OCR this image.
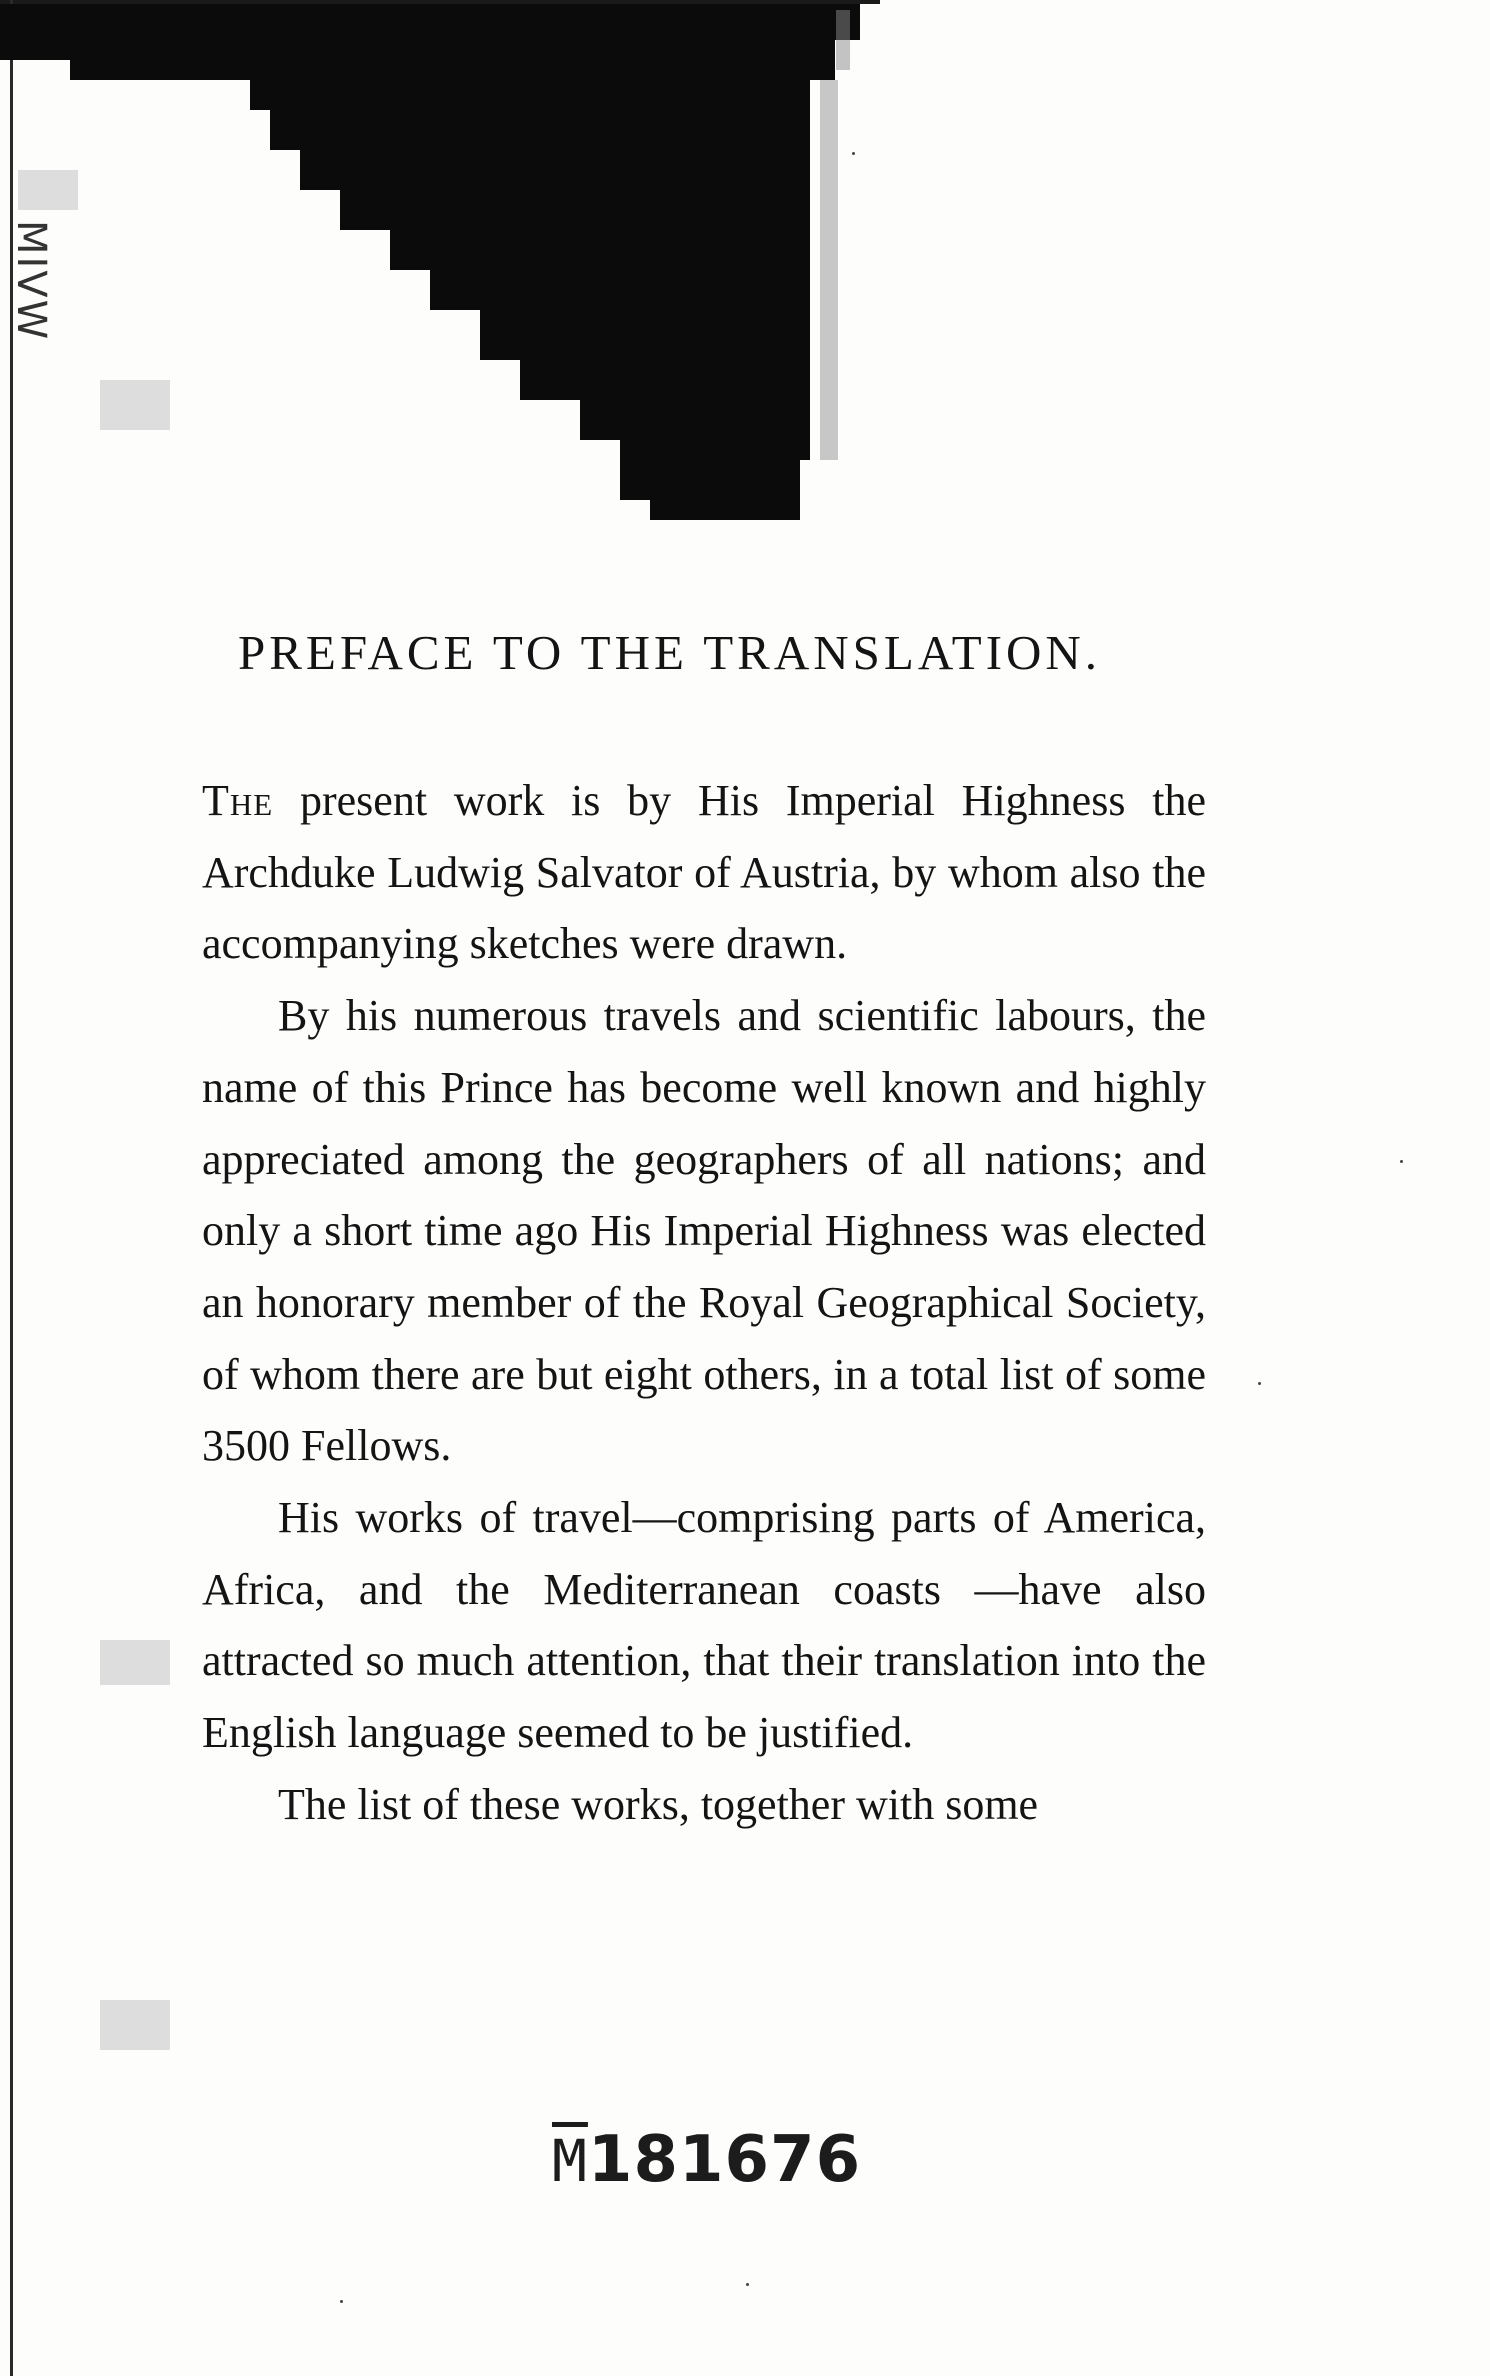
MIVW
PREFACE TO THE TRANSLATION.

The present work is by His Imperial Highness the Archduke Ludwig Salvator of Austria, by whom also the accompanying sketches were drawn.

By his numerous travels and scientific labours, the name of this Prince has become well known and highly appreciated among the geographers of all nations; and only a short time ago His Imperial Highness was elected an honorary member of the Royal Geographical Society, of whom there are but eight others, in a total list of some 3500 Fellows.

His works of travel—comprising parts of America, Africa, and the Mediterranean coasts —have also attracted so much attention, that their translation into the English language seemed to be justified.

The list of these works, together with some

$\overline{M}181676$
